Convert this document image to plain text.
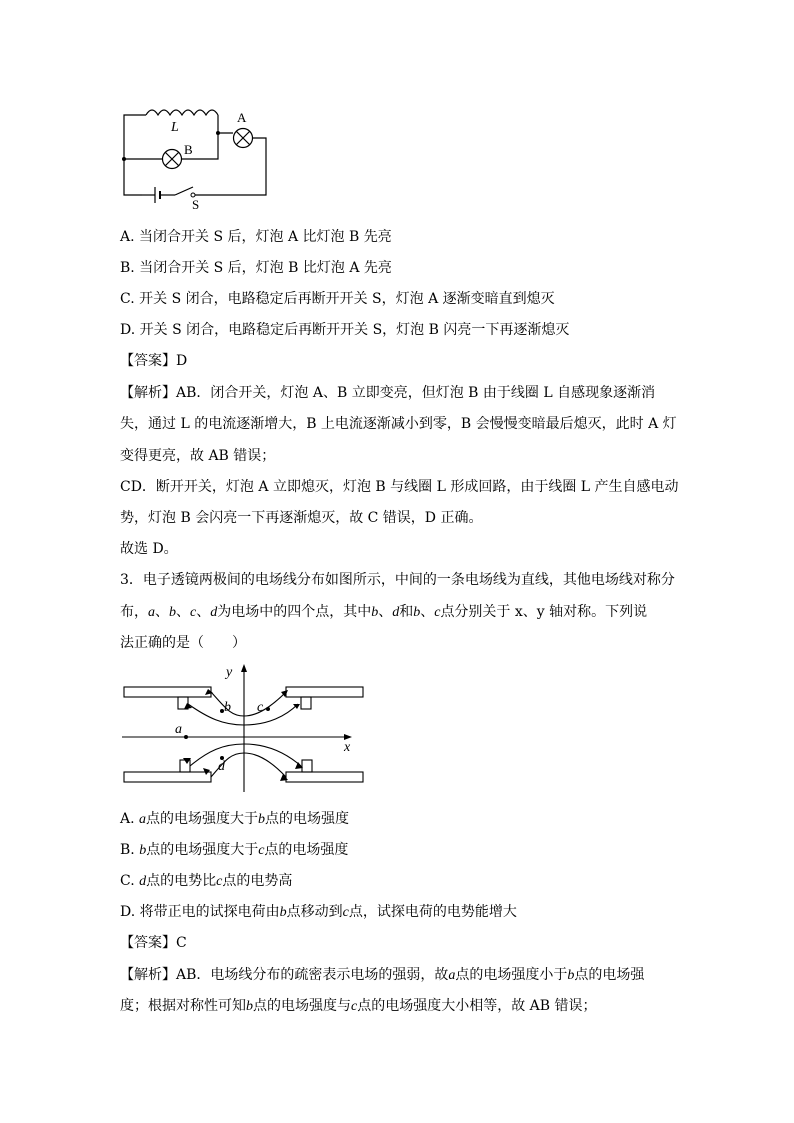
L
A
B
S
A. 当闭合开关 S 后，灯泡 A 比灯泡 B 先亮
B. 当闭合开关 S 后，灯泡 B 比灯泡 A 先亮
C. 开关 S 闭合，电路稳定后再断开开关 S，灯泡 A 逐渐变暗直到熄灭
D. 开关 S 闭合，电路稳定后再断开开关 S，灯泡 B 闪亮一下再逐渐熄灭
【答案】D
【解析】AB．闭合开关，灯泡 A、B 立即变亮，但灯泡 B 由于线圈 L 自感现象逐渐消
失，通过 L 的电流逐渐增大，B 上电流逐渐减小到零，B 会慢慢变暗最后熄灭，此时 A 灯
变得更亮，故 AB 错误；
CD．断开开关，灯泡 A 立即熄灭，灯泡 B 与线圈 L 形成回路，由于线圈 L 产生自感电动
势，灯泡 B 会闪亮一下再逐渐熄灭，故 C 错误，D 正确。
故选 D。
3．电子透镜两极间的电场线分布如图所示，中间的一条电场线为直线，其他电场线对称分
布，a、b、c、d为电场中的四个点，其中b、d和b、c点分别关于 x、y 轴对称。下列说
法正确的是（　　）
b c
a
d
y
x
A. a点的电场强度大于b点的电场强度
B. b点的电场强度大于c点的电场强度
C. d点的电势比c点的电势高
D. 将带正电的试探电荷由b点移动到c点，试探电荷的电势能增大
【答案】C
【解析】AB．电场线分布的疏密表示电场的强弱，故a点的电场强度小于b点的电场强
度；根据对称性可知b点的电场强度与c点的电场强度大小相等，故 AB 错误；
